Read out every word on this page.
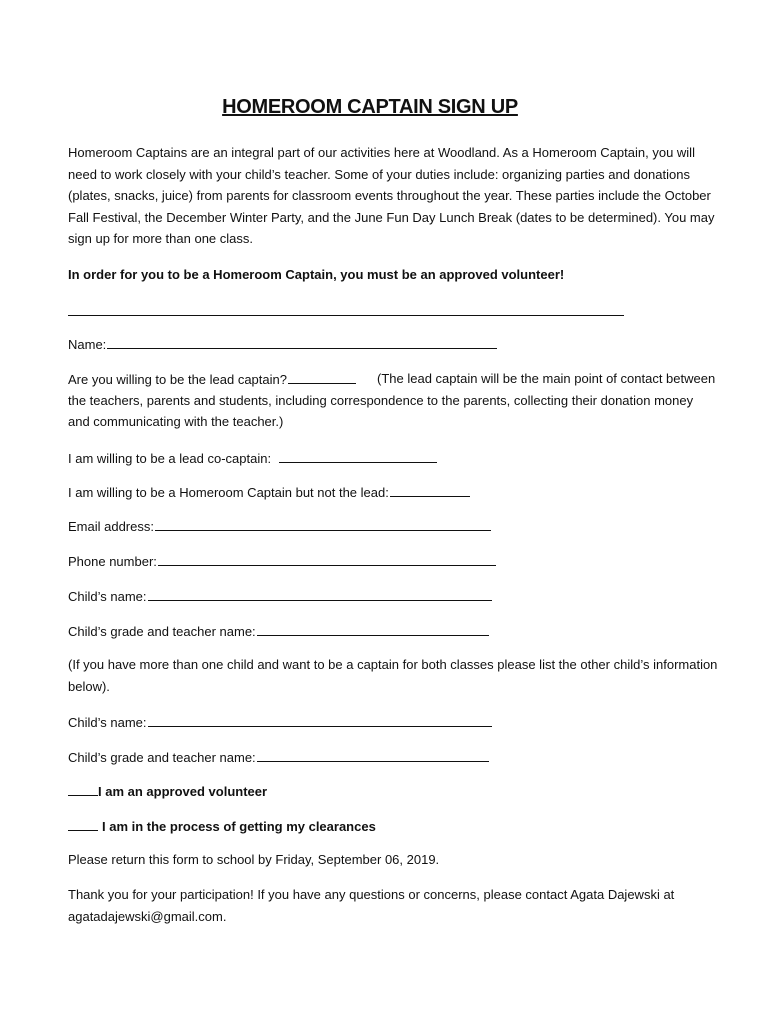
HOMEROOM CAPTAIN SIGN UP
Homeroom Captains are an integral part of our activities here at Woodland. As a Homeroom Captain, you will need to work closely with your child’s teacher. Some of your duties include: organizing parties and donations (plates, snacks, juice) from parents for classroom events throughout the year. These parties include the October Fall Festival, the December Winter Party, and the June Fun Day Lunch Break (dates to be determined). You may sign up for more than one class.
In order for you to be a Homeroom Captain, you must be an approved volunteer!
Name:
Are you willing to be the lead captain?	(The lead captain will be the main point of contact between the teachers, parents and students, including correspondence to the parents, collecting their donation money and communicating with the teacher.)
I am willing to be a lead co-captain:
I am willing to be a Homeroom Captain but not the lead:
Email address:
Phone number:
Child’s name:
Child’s grade and teacher name:
(If you have more than one child and want to be a captain for both classes please list the other child’s information below).
Child’s name:
Child’s grade and teacher name:
I am an approved volunteer
I am in the process of getting my clearances
Please return this form to school by Friday, September 06, 2019.
Thank you for your participation! If you have any questions or concerns, please contact Agata Dajewski at agatadajewski@gmail.com.
